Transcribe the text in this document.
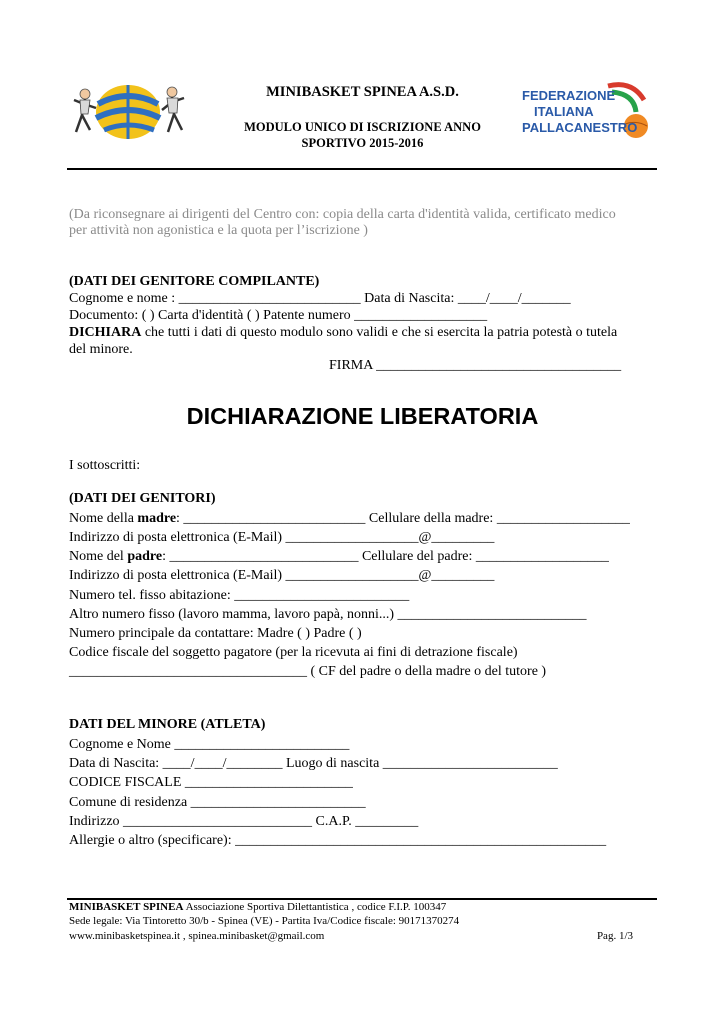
MINIBASKET SPINEA A.S.D.
MODULO UNICO DI ISCRIZIONE ANNO
SPORTIVO 2015-2016
FEDERAZIONE
ITALIANA
PALLACANESTRO
(Da riconsegnare ai dirigenti del Centro con: copia della carta d'identità valida, certificato medico
per attività non agonistica e la quota per l’iscrizione )
(DATI DEI GENITORE COMPILANTE)
Cognome e nome : __________________________ Data di Nascita: ____/____/_______
Documento: ( ) Carta d'identità ( ) Patente numero ___________________
DICHIARA che tutti i dati di questo modulo sono validi e che si esercita la patria potestà o tutela
del minore.
FIRMA ___________________________________
DICHIARAZIONE LIBERATORIA
I sottoscritti:
(DATI DEI GENITORI)
Nome della madre: __________________________ Cellulare della madre: ___________________
Indirizzo di posta elettronica (E-Mail) ___________________@_________
Nome del padre: ___________________________ Cellulare del padre: ___________________
Indirizzo di posta elettronica (E-Mail) ___________________@_________
Numero tel. fisso abitazione: _________________________
Altro numero fisso (lavoro mamma, lavoro papà, nonni...) ___________________________
Numero principale da contattare: Madre ( ) Padre ( )
Codice fiscale del soggetto pagatore (per la ricevuta ai fini di detrazione fiscale)
__________________________________ ( CF del padre o della madre o del tutore )
DATI DEL MINORE (ATLETA)
Cognome e Nome _________________________
Data di Nascita: ____/____/________ Luogo di nascita _________________________
CODICE FISCALE ________________________
Comune di residenza _________________________
Indirizzo ___________________________ C.A.P. _________
Allergie o altro (specificare): _____________________________________________________
MINIBASKET SPINEA Associazione Sportiva Dilettantistica , codice F.I.P. 100347
Sede legale: Via Tintoretto 30/b - Spinea (VE) - Partita Iva/Codice fiscale: 90171370274
www.minibasketspinea.it , spinea.minibasket@gmail.com	Pag. 1/3
